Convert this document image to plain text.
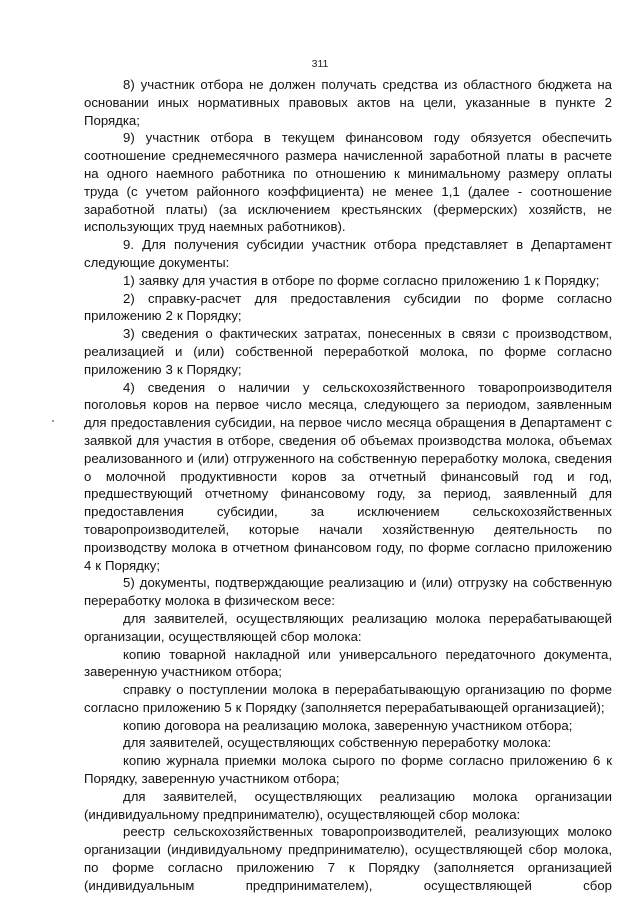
311

8) участник отбора не должен получать средства из областного бюджета на основании иных нормативных правовых актов на цели, указанные в пункте 2 Порядка;

9) участник отбора в текущем финансовом году обязуется обеспечить соотношение среднемесячного размера начисленной заработной платы в расчете на одного наемного работника по отношению к минимальному размеру оплаты труда (с учетом районного коэффициента) не менее 1,1 (далее - соотношение заработной платы) (за исключением крестьянских (фермерских) хозяйств, не использующих труд наемных работников).

9. Для получения субсидии участник отбора представляет в Департамент следующие документы:

1) заявку для участия в отборе по форме согласно приложению 1 к Порядку;

2) справку-расчет для предоставления субсидии по форме согласно приложению 2 к Порядку;

3) сведения о фактических затратах, понесенных в связи с производством, реализацией и (или) собственной переработкой молока, по форме согласно приложению 3 к Порядку;

4) сведения о наличии у сельскохозяйственного товаропроизводителя поголовья коров на первое число месяца, следующего за периодом, заявленным для предоставления субсидии, на первое число месяца обращения в Департамент с заявкой для участия в отборе, сведения об объемах производства молока, объемах реализованного и (или) отгруженного на собственную переработку молока, сведения о молочной продуктивности коров за отчетный финансовый год и год, предшествующий отчетному финансовому году, за период, заявленный для предоставления субсидии, за исключением сельскохозяйственных товаропроизводителей, которые начали хозяйственную деятельность по производству молока в отчетном финансовом году, по форме согласно приложению 4 к Порядку;

5) документы, подтверждающие реализацию и (или) отгрузку на собственную переработку молока в физическом весе:

для заявителей, осуществляющих реализацию молока перерабатывающей организации, осуществляющей сбор молока:

копию товарной накладной или универсального передаточного документа, заверенную участником отбора;

справку о поступлении молока в перерабатывающую организацию по форме согласно приложению 5 к Порядку (заполняется перерабатывающей организацией);

копию договора на реализацию молока, заверенную участником отбора;

для заявителей, осуществляющих собственную переработку молока:

копию журнала приемки молока сырого по форме согласно приложению 6 к Порядку, заверенную участником отбора;

для заявителей, осуществляющих реализацию молока организации (индивидуальному предпринимателю), осуществляющей сбор молока:

реестр сельскохозяйственных товаропроизводителей, реализующих молоко организации (индивидуальному предпринимателю), осуществляющей сбор молока, по форме согласно приложению 7 к Порядку (заполняется организацией (индивидуальным предпринимателем), осуществляющей сбор
